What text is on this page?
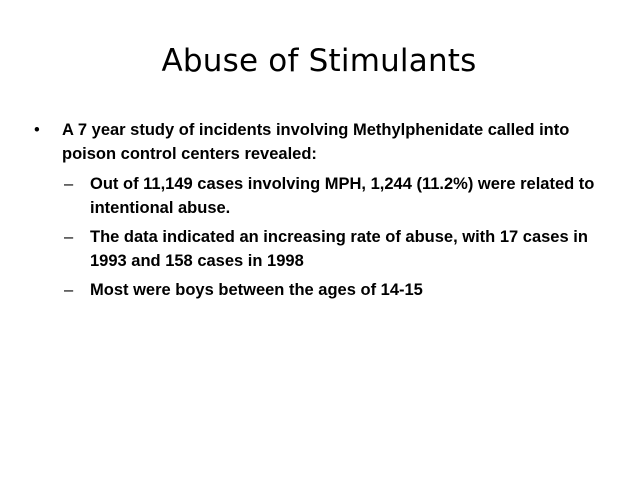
Abuse of Stimulants
• A 7 year study of incidents involving Methylphenidate called into poison control centers revealed:
– Out of 11,149 cases involving MPH, 1,244 (11.2%) were related to intentional abuse.
– The data indicated an increasing rate of abuse, with 17 cases in 1993 and 158 cases in 1998
– Most were boys between the ages of 14-15
